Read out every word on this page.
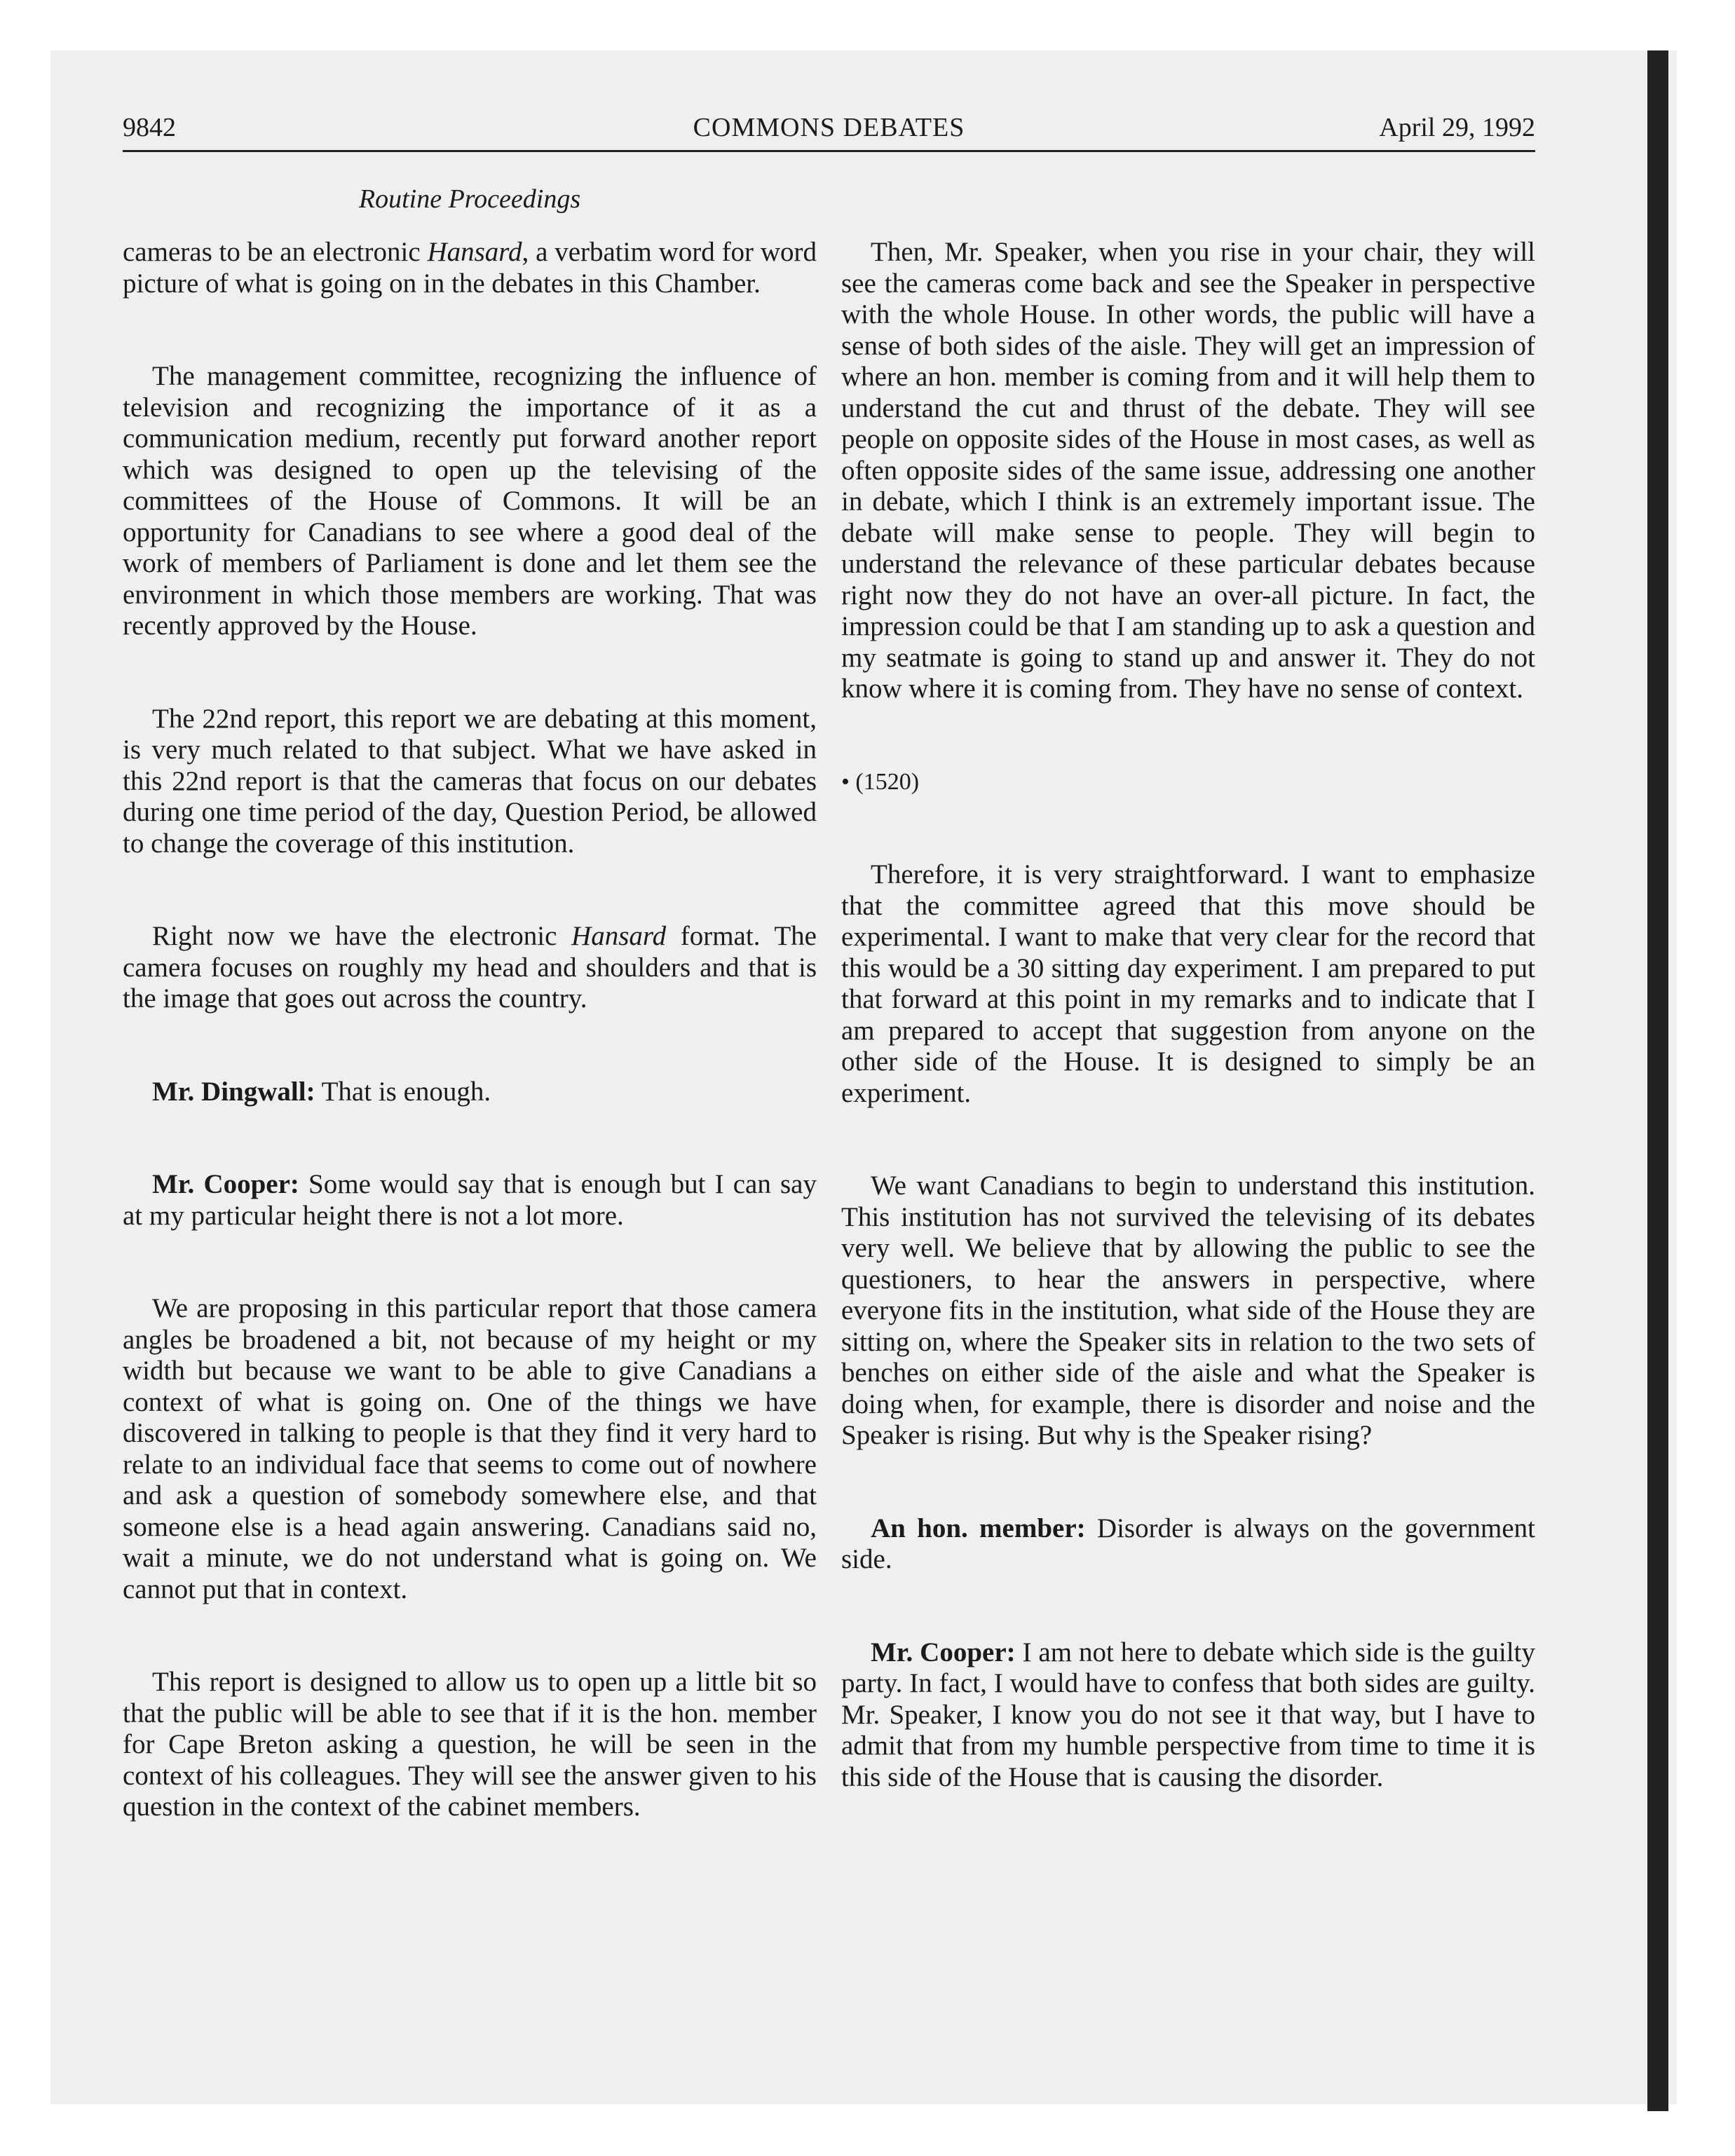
9842	COMMONS DEBATES	April 29, 1992
Routine Proceedings

cameras to be an electronic Hansard, a verbatim word for word picture of what is going on in the debates in this Chamber.

The management committee, recognizing the influence of television and recognizing the importance of it as a communication medium, recently put forward another report which was designed to open up the televising of the committees of the House of Commons. It will be an opportunity for Canadians to see where a good deal of the work of members of Parliament is done and let them see the environment in which those members are working. That was recently approved by the House.

The 22nd report, this report we are debating at this moment, is very much related to that subject. What we have asked in this 22nd report is that the cameras that focus on our debates during one time period of the day, Question Period, be allowed to change the coverage of this institution.

Right now we have the electronic Hansard format. The camera focuses on roughly my head and shoulders and that is the image that goes out across the country.

Mr. Dingwall: That is enough.

Mr. Cooper: Some would say that is enough but I can say at my particular height there is not a lot more.

We are proposing in this particular report that those camera angles be broadened a bit, not because of my height or my width but because we want to be able to give Canadians a context of what is going on. One of the things we have discovered in talking to people is that they find it very hard to relate to an individual face that seems to come out of nowhere and ask a question of somebody somewhere else, and that someone else is a head again answering. Canadians said no, wait a minute, we do not understand what is going on. We cannot put that in context.

This report is designed to allow us to open up a little bit so that the public will be able to see that if it is the hon. member for Cape Breton asking a question, he will be seen in the context of his colleagues. They will see the answer given to his question in the context of the cabinet members.

Then, Mr. Speaker, when you rise in your chair, they will see the cameras come back and see the Speaker in perspective with the whole House. In other words, the public will have a sense of both sides of the aisle. They will get an impression of where an hon. member is coming from and it will help them to understand the cut and thrust of the debate. They will see people on opposite sides of the House in most cases, as well as often opposite sides of the same issue, addressing one another in debate, which I think is an extremely important issue. The debate will make sense to people. They will begin to understand the relevance of these particular debates because right now they do not have an over-all picture. In fact, the impression could be that I am standing up to ask a question and my seatmate is going to stand up and answer it. They do not know where it is coming from. They have no sense of context.

• (1520)

Therefore, it is very straightforward. I want to emphasize that the committee agreed that this move should be experimental. I want to make that very clear for the record that this would be a 30 sitting day experiment. I am prepared to put that forward at this point in my remarks and to indicate that I am prepared to accept that suggestion from anyone on the other side of the House. It is designed to simply be an experiment.

We want Canadians to begin to understand this institution. This institution has not survived the televising of its debates very well. We believe that by allowing the public to see the questioners, to hear the answers in perspective, where everyone fits in the institution, what side of the House they are sitting on, where the Speaker sits in relation to the two sets of benches on either side of the aisle and what the Speaker is doing when, for example, there is disorder and noise and the Speaker is rising. But why is the Speaker rising?

An hon. member: Disorder is always on the government side.

Mr. Cooper: I am not here to debate which side is the guilty party. In fact, I would have to confess that both sides are guilty. Mr. Speaker, I know you do not see it that way, but I have to admit that from my humble perspective from time to time it is this side of the House that is causing the disorder.
